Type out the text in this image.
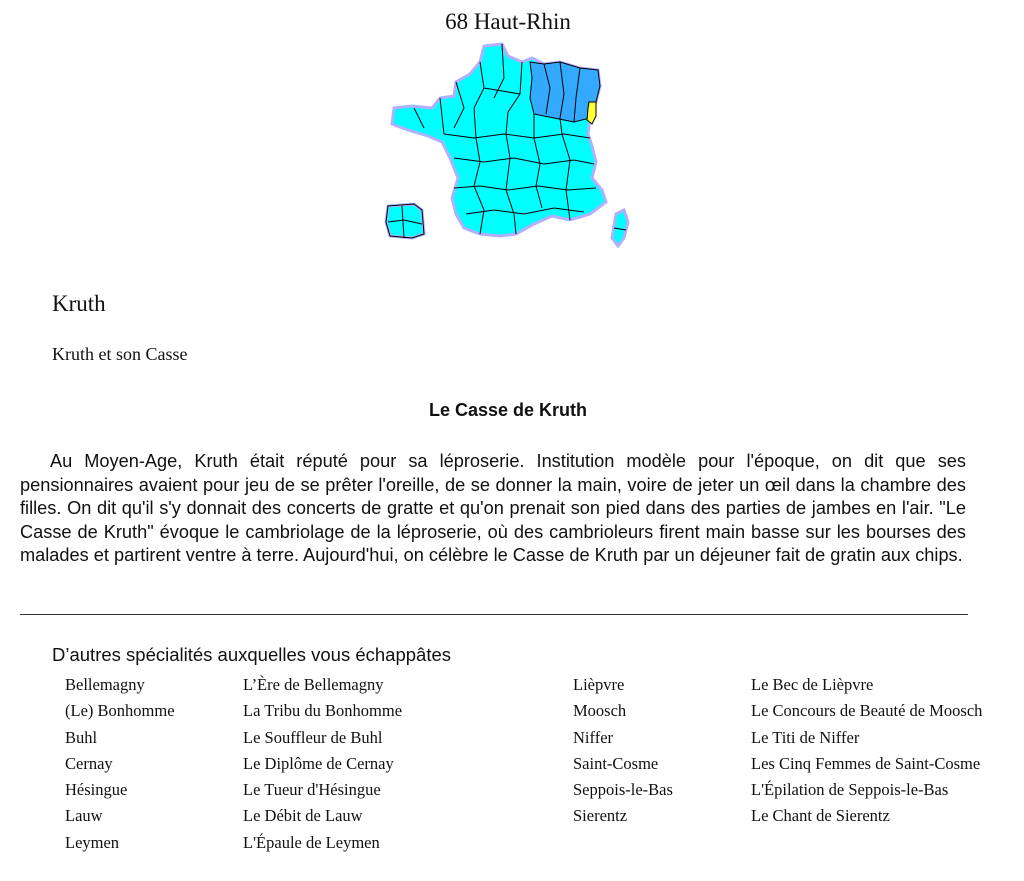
68 Haut-Rhin
Kruth
Kruth et son Casse
Le Casse de Kruth

Au Moyen-Age, Kruth était réputé pour sa léproserie. Institution modèle pour l'époque, on dit que ses pensionnaires avaient pour jeu de se prêter l'oreille, de se donner la main, voire de jeter un œil dans la chambre des filles. On dit qu'il s'y donnait des concerts de gratte et qu'on prenait son pied dans des parties de jambes en l'air. "Le Casse de Kruth" évoque le cambriolage de la léproserie, où des cambrioleurs firent main basse sur les bourses des malades et partirent ventre à terre. Aujourd'hui, on célèbre le Casse de Kruth par un déjeuner fait de gratin aux chips.

D’autres spécialités auxquelles vous échappâtes
Bellemagny	L’Ère de Bellemagny
(Le) Bonhomme	La Tribu du Bonhomme
Buhl	Le Souffleur de Buhl
Cernay	Le Diplôme de Cernay
Hésingue	Le Tueur d'Hésingue
Lauw	Le Débit de Lauw
Leymen	L'Épaule de Leymen
Lièpvre	Le Bec de Lièpvre
Moosch	Le Concours de Beauté de Moosch
Niffer	Le Titi de Niffer
Saint-Cosme	Les Cinq Femmes de Saint-Cosme
Seppois-le-Bas	L'Épilation de Seppois-le-Bas
Sierentz	Le Chant de Sierentz
